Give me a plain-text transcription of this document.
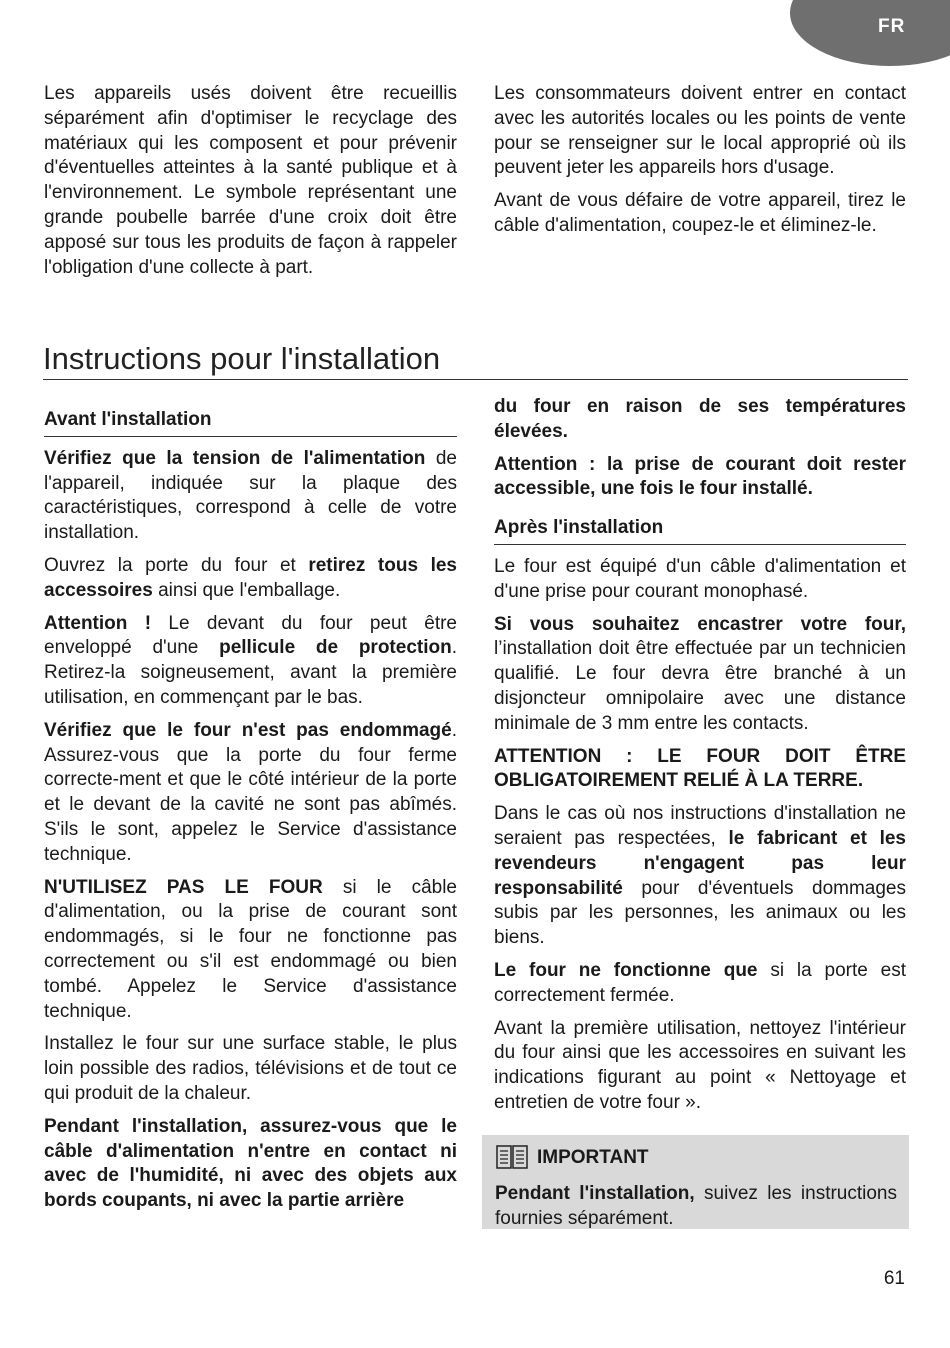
FR

Les appareils usés doivent être recueillis séparément afin d'optimiser le recyclage des matériaux qui les composent et pour prévenir d'éventuelles atteintes à la santé publique et à l'environnement. Le symbole représentant une grande poubelle barrée d'une croix doit être apposé sur tous les produits de façon à rappeler l'obligation d'une collecte à part.

Les consommateurs doivent entrer en contact avec les autorités locales ou les points de vente pour se renseigner sur le local approprié où ils peuvent jeter les appareils hors d'usage.

Avant de vous défaire de votre appareil, tirez le câble d'alimentation, coupez-le et éliminez-le.

Instructions pour l'installation

Avant l'installation

Vérifiez que la tension de l'alimentation de l'appareil, indiquée sur la plaque des caractéristiques, correspond à celle de votre installation.

Ouvrez la porte du four et retirez tous les accessoires ainsi que l'emballage.

Attention ! Le devant du four peut être enveloppé d'une pellicule de protection. Retirez-la soigneusement, avant la première utilisation, en commençant par le bas.

Vérifiez que le four n'est pas endommagé. Assurez-vous que la porte du four ferme correcte-ment et que le côté intérieur de la porte et le devant de la cavité ne sont pas abîmés. S'ils le sont, appelez le Service d'assistance technique.

N'UTILISEZ PAS LE FOUR si le câble d'alimentation, ou la prise de courant sont endommagés, si le four ne fonctionne pas correctement ou s'il est endommagé ou bien tombé. Appelez le Service d'assistance technique.

Installez le four sur une surface stable, le plus loin possible des radios, télévisions et de tout ce qui produit de la chaleur.

Pendant l'installation, assurez-vous que le câble d'alimentation n'entre en contact ni avec de l'humidité, ni avec des objets aux bords coupants, ni avec la partie arrière

du four en raison de ses températures élevées.

Attention : la prise de courant doit rester accessible, une fois le four installé.

Après l'installation

Le four est équipé d'un câble d'alimentation et d'une prise pour courant monophasé.

Si vous souhaitez encastrer votre four, l’installation doit être effectuée par un technicien qualifié. Le four devra être branché à un disjoncteur omnipolaire avec une distance minimale de 3 mm entre les contacts.

ATTENTION : LE FOUR DOIT ÊTRE OBLIGATOIREMENT RELIÉ À LA TERRE.

Dans le cas où nos instructions d'installation ne seraient pas respectées, le fabricant et les revendeurs n'engagent pas leur responsabilité pour d'éventuels dommages subis par les personnes, les animaux ou les biens.

Le four ne fonctionne que si la porte est correctement fermée.

Avant la première utilisation, nettoyez l'intérieur du four ainsi que les accessoires en suivant les indications figurant au point « Nettoyage et entretien de votre four ».

IMPORTANT
Pendant l'installation, suivez les instructions fournies séparément.
61
